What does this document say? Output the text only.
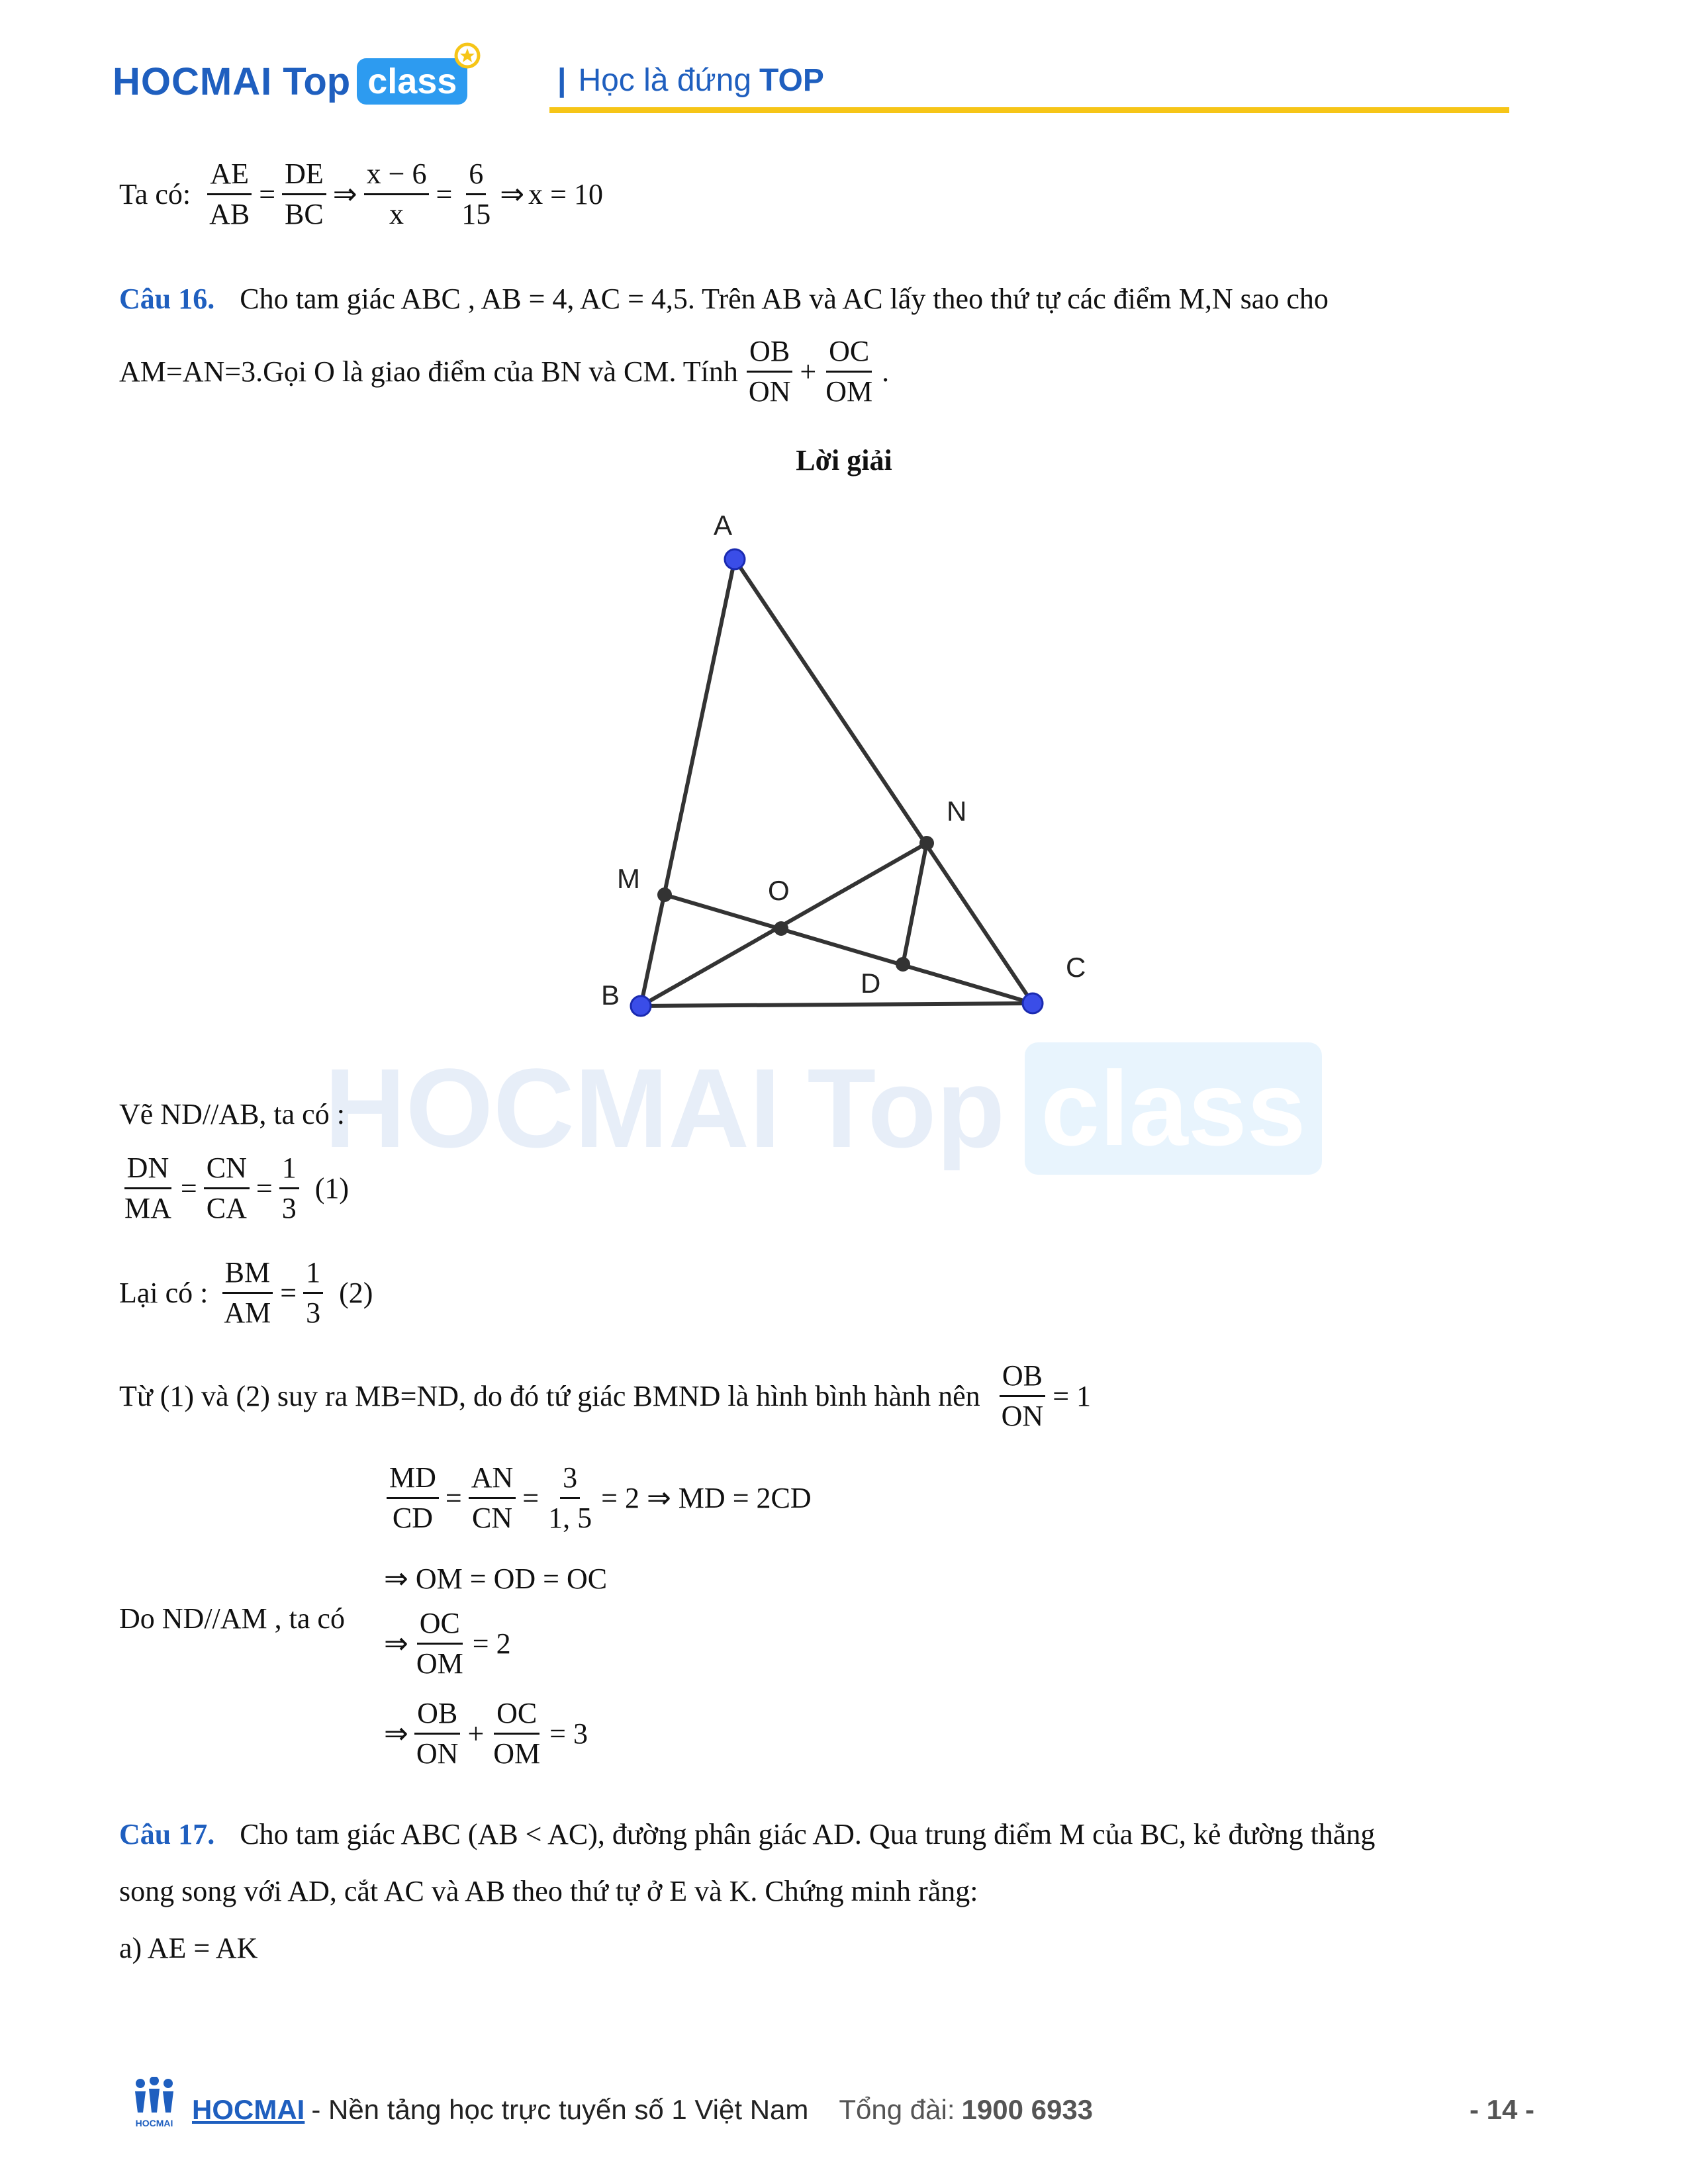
HOCMAI Top class	| Học là đứng TOP
Ta có: $\frac{AE}{AB} = \frac{DE}{BC}$ ⇒ $\frac{x - 6}{x} = \frac{6}{15}$ ⇒ x = 10
Câu 16. Cho tam giác ABC , AB = 4, AC = 4,5. Trên AB và AC lấy theo thứ tự các điểm M,N sao cho
AM=AN=3.Gọi O là giao điểm của BN và CM. Tính $\frac{OB}{ON} + \frac{OC}{OM}$ .
Lời giải
A
B
C
M
N
O
D
HOCMAI Top class
Vẽ ND//AB, ta có :
$\frac{DN}{MA} = \frac{CN}{CA} = \frac{1}{3} (1)$
Lại có : $\frac{BM}{AM} = \frac{1}{3} (2)$
Từ (1) và (2) suy ra MB=ND, do đó tứ giác BMND là hình bình hành nên $\frac{OB}{ON} = 1$
$\frac{MD}{CD} = \frac{AN}{CN} = \frac{3}{1, 5} = 2$ ⇒ MD = 2CD
⇒ OM = OD = OC
Do ND//AM , ta có
⇒ $\frac{OC}{OM} = 2$
⇒ $\frac{OB}{ON} + \frac{OC}{OM} = 3$
Câu 17. Cho tam giác ABC (AB < AC), đường phân giác AD. Qua trung điểm M của BC, kẻ đường thẳng
song song với AD, cắt AC và AB theo thứ tự ở E và K. Chứng minh rằng:
a) AE = AK
HOCMAI HOCMAI - Nền tảng học trực tuyến số 1 Việt Nam Tổng đài: 1900 6933	- 14 -
